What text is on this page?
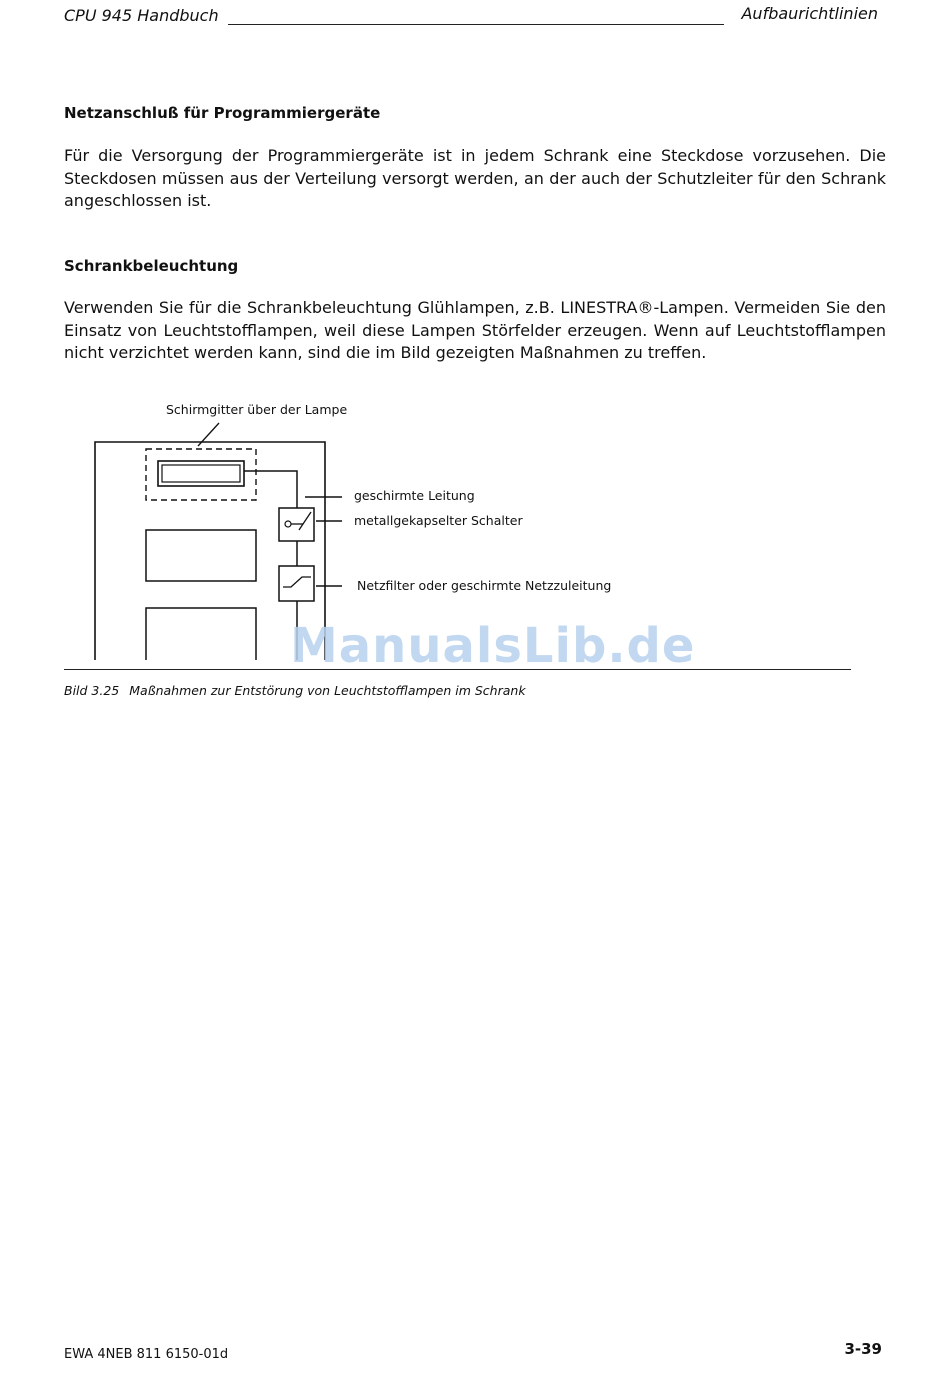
CPU 945 Handbuch	Aufbaurichtlinien
Netzanschluß für Programmiergeräte

Für die Versorgung der Programmiergeräte ist in jedem Schrank eine Steckdose vorzusehen. Die Steckdosen müssen aus der Verteilung versorgt werden, an der auch der Schutzleiter für den Schrank angeschlossen ist.

Schrankbeleuchtung

Verwenden Sie für die Schrankbeleuchtung Glühlampen, z.B. LINESTRA®-Lampen. Vermeiden Sie den Einsatz von Leuchtstofflampen, weil diese Lampen Störfelder erzeugen. Wenn auf Leuchtstofflampen nicht verzichtet werden kann, sind die im Bild gezeigten Maßnahmen zu treffen.

Schirmgitter über der Lampe
geschirmte Leitung
metallgekapselter Schalter
Netzfilter oder geschirmte Netzzuleitung
ManualsLib.de
Bild 3.25 Maßnahmen zur Entstörung von Leuchtstofflampen im Schrank
EWA 4NEB 811 6150-01d	3-39
